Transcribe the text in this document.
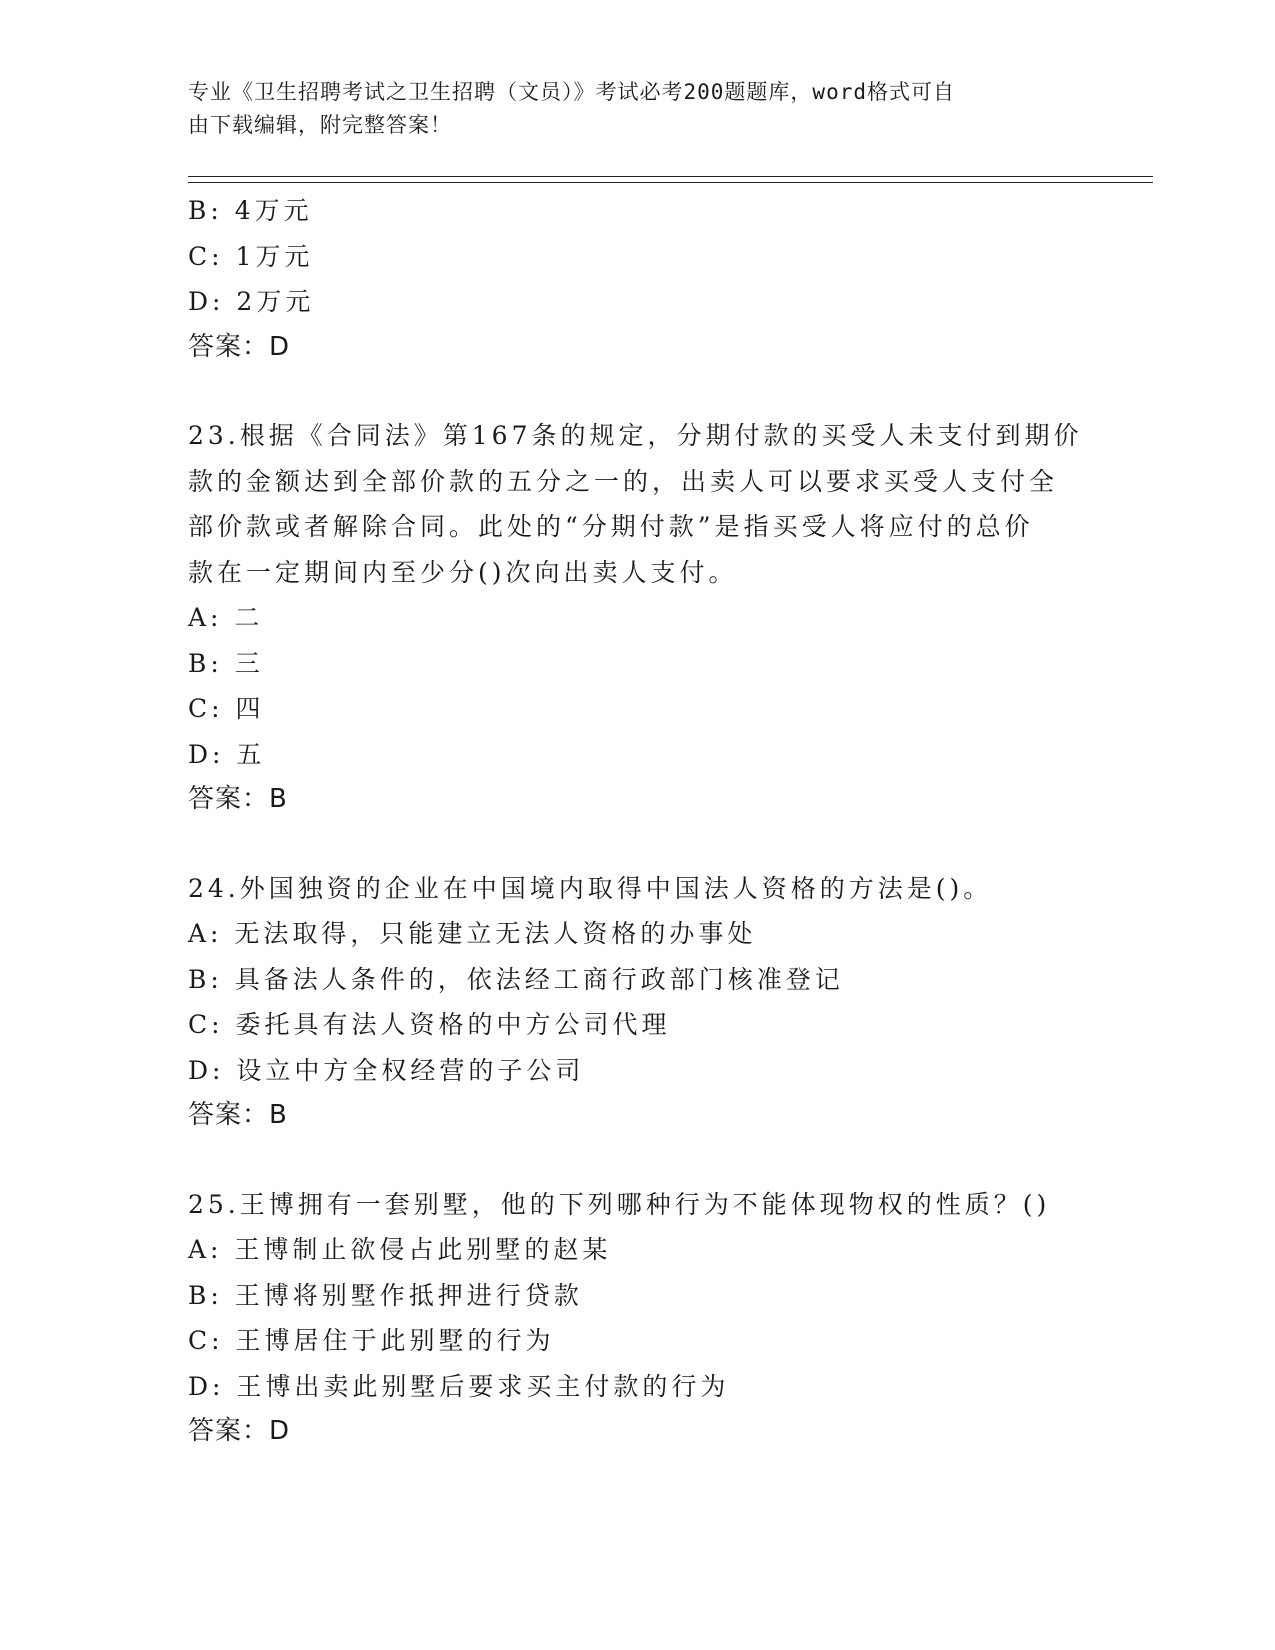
专业《卫生招聘考试之卫生招聘（文员）》考试必考200题题库，word格式可自
由下载编辑，附完整答案！
B: 4万元
C: 1万元
D: 2万元
答案：D
23.根据《合同法》第167条的规定，分期付款的买受人未支付到期价
款的金额达到全部价款的五分之一的，出卖人可以要求买受人支付全
部价款或者解除合同。此处的“分期付款”是指买受人将应付的总价
款在一定期间内至少分()次向出卖人支付。
A: 二
B: 三
C: 四
D: 五
答案：B
24.外国独资的企业在中国境内取得中国法人资格的方法是()。
A: 无法取得，只能建立无法人资格的办事处
B: 具备法人条件的，依法经工商行政部门核准登记
C: 委托具有法人资格的中方公司代理
D: 设立中方全权经营的子公司
答案：B
25.王博拥有一套别墅，他的下列哪种行为不能体现物权的性质？()
A: 王博制止欲侵占此别墅的赵某
B: 王博将别墅作抵押进行贷款
C: 王博居住于此别墅的行为
D: 王博出卖此别墅后要求买主付款的行为
答案：D
